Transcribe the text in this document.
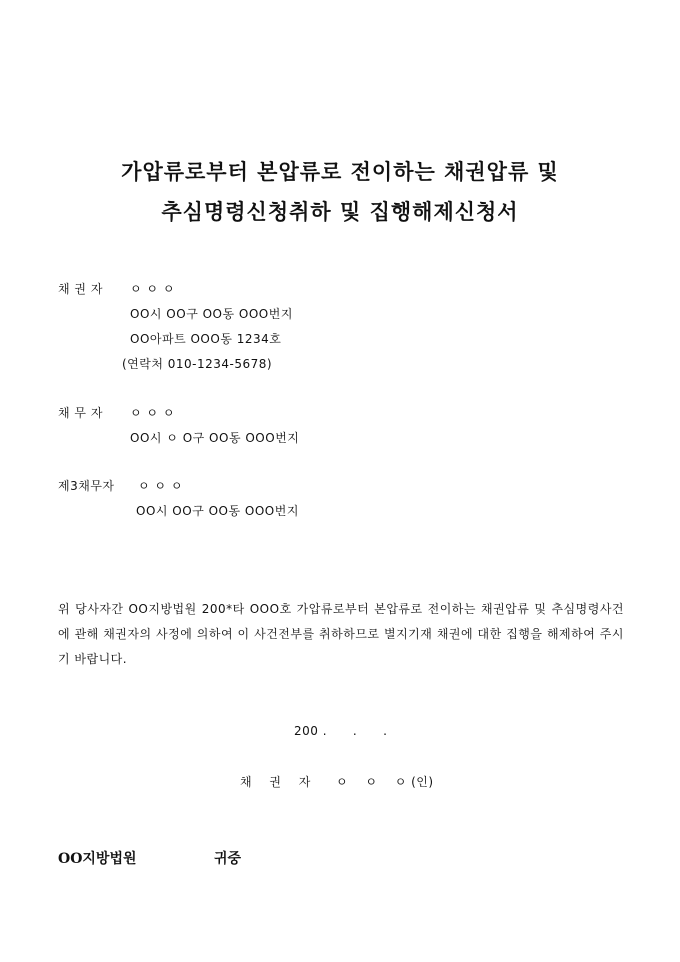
가압류로부터 본압류로 전이하는 채권압류 및
추심명령신청취하 및 집행해제신청서
채 권 자 ㅇ ㅇ ㅇ
OO시 OO구 OO동 OOO번지
OO아파트 OOO동 1234호
(연락처 010-1234-5678)
채 무 자 ㅇ ㅇ ㅇ
OO시 ㅇ O구 OO동 OOO번지
제3채무자 ㅇ ㅇ ㅇ
OO시 OO구 OO동 OOO번지
위 당사자간 OO지방법원 200*타 OOO호 가압류로부터 본압류로 전이하는 채권압류 및 추심명령사건에 관해 채권자의 사정에 의하여 이 사건전부를 취하하므로 별지기재 채권에 대한 집행을 해제하여 주시기 바랍니다.
200 .      .      .
채    권    자 ㅇ    ㅇ    ㅇ (인)
OO지방법원	귀중
